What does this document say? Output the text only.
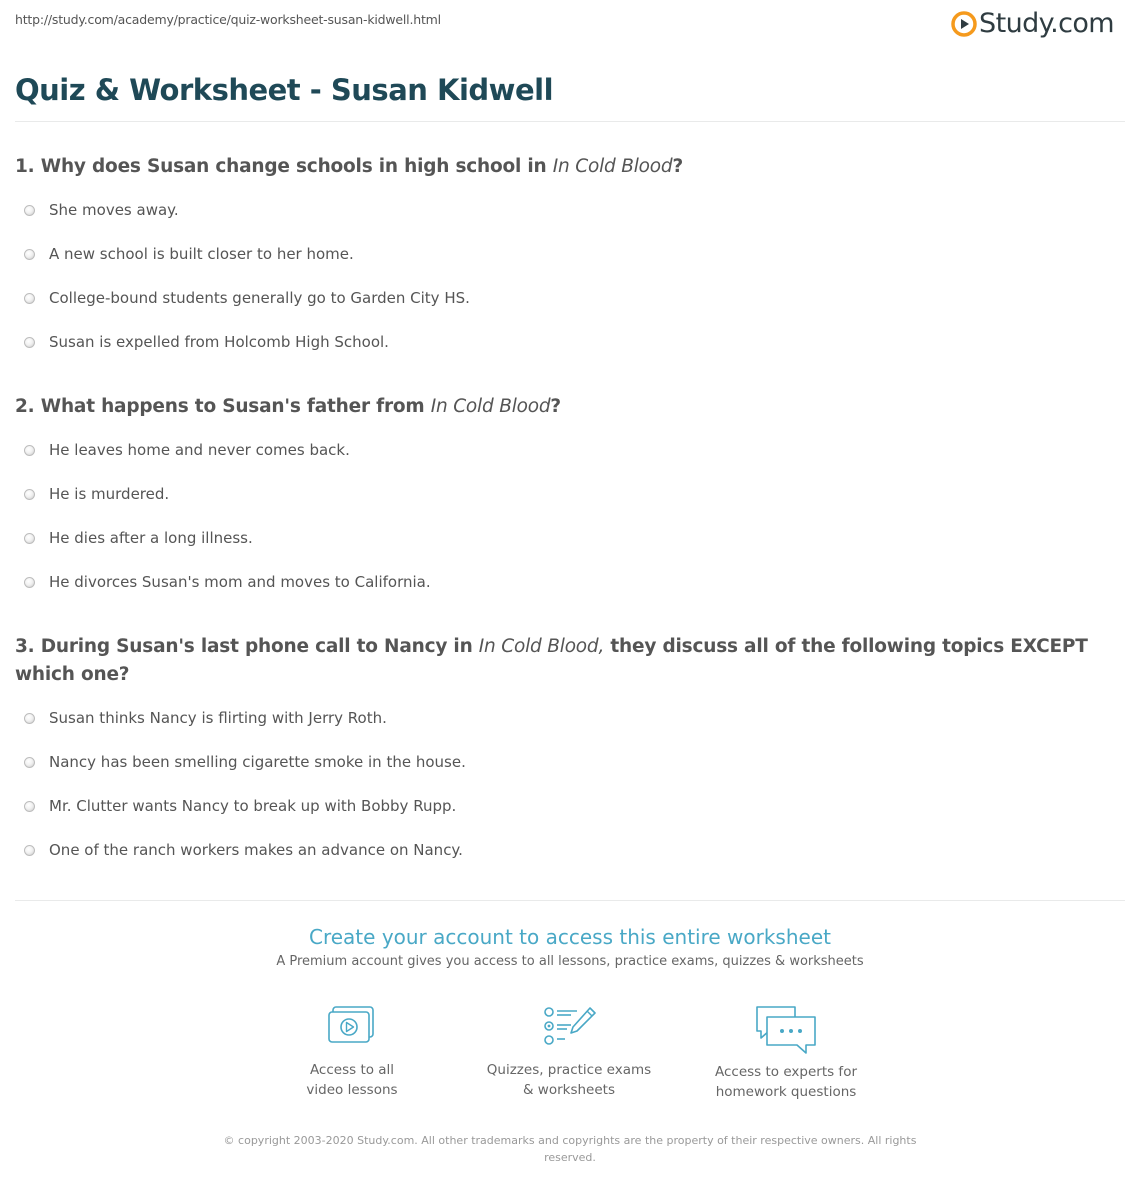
http://study.com/academy/practice/quiz-worksheet-susan-kidwell.html	Study.com
Quiz & Worksheet - Susan Kidwell
1. Why does Susan change schools in high school in In Cold Blood?
She moves away.
A new school is built closer to her home.
College-bound students generally go to Garden City HS.
Susan is expelled from Holcomb High School.
2. What happens to Susan's father from In Cold Blood?
He leaves home and never comes back.
He is murdered.
He dies after a long illness.
He divorces Susan's mom and moves to California.
3. During Susan's last phone call to Nancy in In Cold Blood, they discuss all of the following topics EXCEPT which one?
Susan thinks Nancy is flirting with Jerry Roth.
Nancy has been smelling cigarette smoke in the house.
Mr. Clutter wants Nancy to break up with Bobby Rupp.
One of the ranch workers makes an advance on Nancy.
Create your account to access this entire worksheet
A Premium account gives you access to all lessons, practice exams, quizzes & worksheets
Access to all
video lessons
Quizzes, practice exams
& worksheets
Access to experts for
homework questions
© copyright 2003-2020 Study.com. All other trademarks and copyrights are the property of their respective owners. All rights
reserved.
